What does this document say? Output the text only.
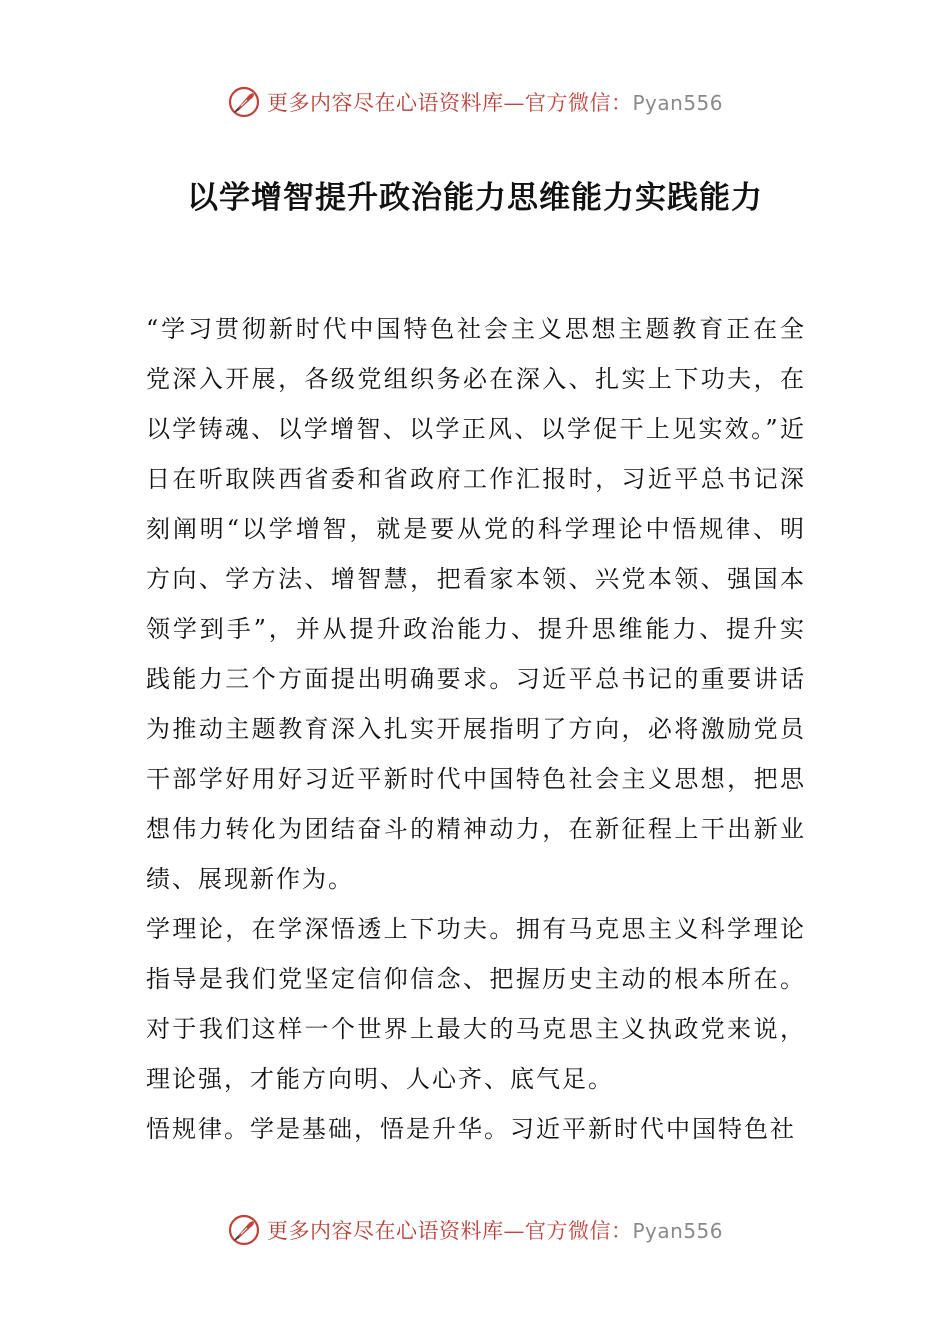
更多内容尽在心语资料库—官方微信：Pyan556
以学增智提升政治能力思维能力实践能力

“学习贯彻新时代中国特色社会主义思想主题教育正在全党深入开展，各级党组织务必在深入、扎实上下功夫，在以学铸魂、以学增智、以学正风、以学促干上见实效。”近日在听取陕西省委和省政府工作汇报时，习近平总书记深刻阐明“以学增智，就是要从党的科学理论中悟规律、明方向、学方法、增智慧，把看家本领、兴党本领、强国本领学到手”，并从提升政治能力、提升思维能力、提升实践能力三个方面提出明确要求。习近平总书记的重要讲话为推动主题教育深入扎实开展指明了方向，必将激励党员干部学好用好习近平新时代中国特色社会主义思想，把思想伟力转化为团结奋斗的精神动力，在新征程上干出新业绩、展现新作为。

学理论，在学深悟透上下功夫。拥有马克思主义科学理论指导是我们党坚定信仰信念、把握历史主动的根本所在。对于我们这样一个世界上最大的马克思主义执政党来说，理论强，才能方向明、人心齐、底气足。

悟规律。学是基础，悟是升华。习近平新时代中国特色社

更多内容尽在心语资料库—官方微信：Pyan556
